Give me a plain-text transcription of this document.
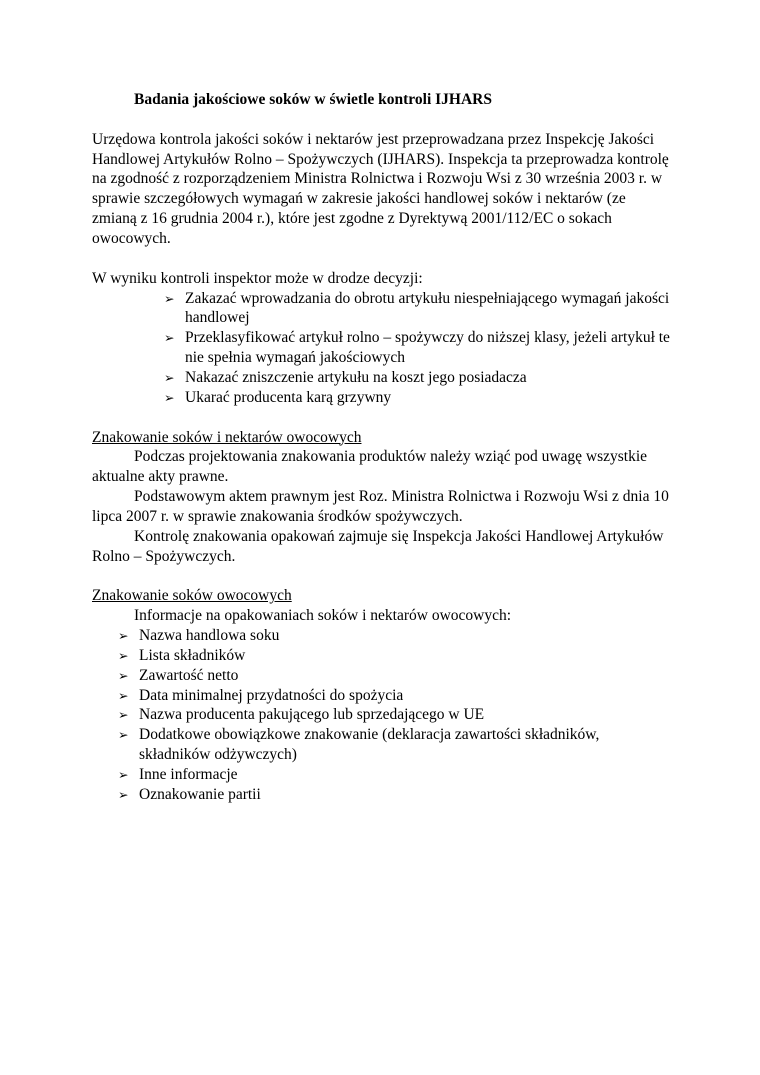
Badania jakościowe soków w świetle kontroli IJHARS

Urzędowa kontrola jakości soków i nektarów jest przeprowadzana przez Inspekcję Jakości Handlowej Artykułów Rolno – Spożywczych (IJHARS). Inspekcja ta przeprowadza kontrolę na zgodność z rozporządzeniem Ministra Rolnictwa i Rozwoju Wsi z 30 września 2003 r. w sprawie szczegółowych wymagań w zakresie jakości handlowej soków i nektarów (ze zmianą z 16 grudnia 2004 r.), które jest zgodne z Dyrektywą 2001/112/EC o sokach owocowych.

W wyniku kontroli inspektor może w drodze decyzji:

➢ Zakazać wprowadzania do obrotu artykułu niespełniającego wymagań jakości handlowej
➢ Przeklasyfikować artykuł rolno – spożywczy do niższej klasy, jeżeli artykuł te nie spełnia wymagań jakościowych
➢ Nakazać zniszczenie artykułu na koszt jego posiadacza
➢ Ukarać producenta karą grzywny

Znakowanie soków i nektarów owocowych

Podczas projektowania znakowania produktów należy wziąć pod uwagę wszystkie aktualne akty prawne.

Podstawowym aktem prawnym jest Roz. Ministra Rolnictwa i Rozwoju Wsi z dnia 10 lipca 2007 r. w sprawie znakowania środków spożywczych.

Kontrolę znakowania opakowań zajmuje się Inspekcja Jakości Handlowej Artykułów Rolno – Spożywczych.

Znakowanie soków owocowych

Informacje na opakowaniach soków i nektarów owocowych:

➢ Nazwa handlowa soku
➢ Lista składników
➢ Zawartość netto
➢ Data minimalnej przydatności do spożycia
➢ Nazwa producenta pakującego lub sprzedającego w UE
➢ Dodatkowe obowiązkowe znakowanie (deklaracja zawartości składników, składników odżywczych)
➢ Inne informacje
➢ Oznakowanie partii
